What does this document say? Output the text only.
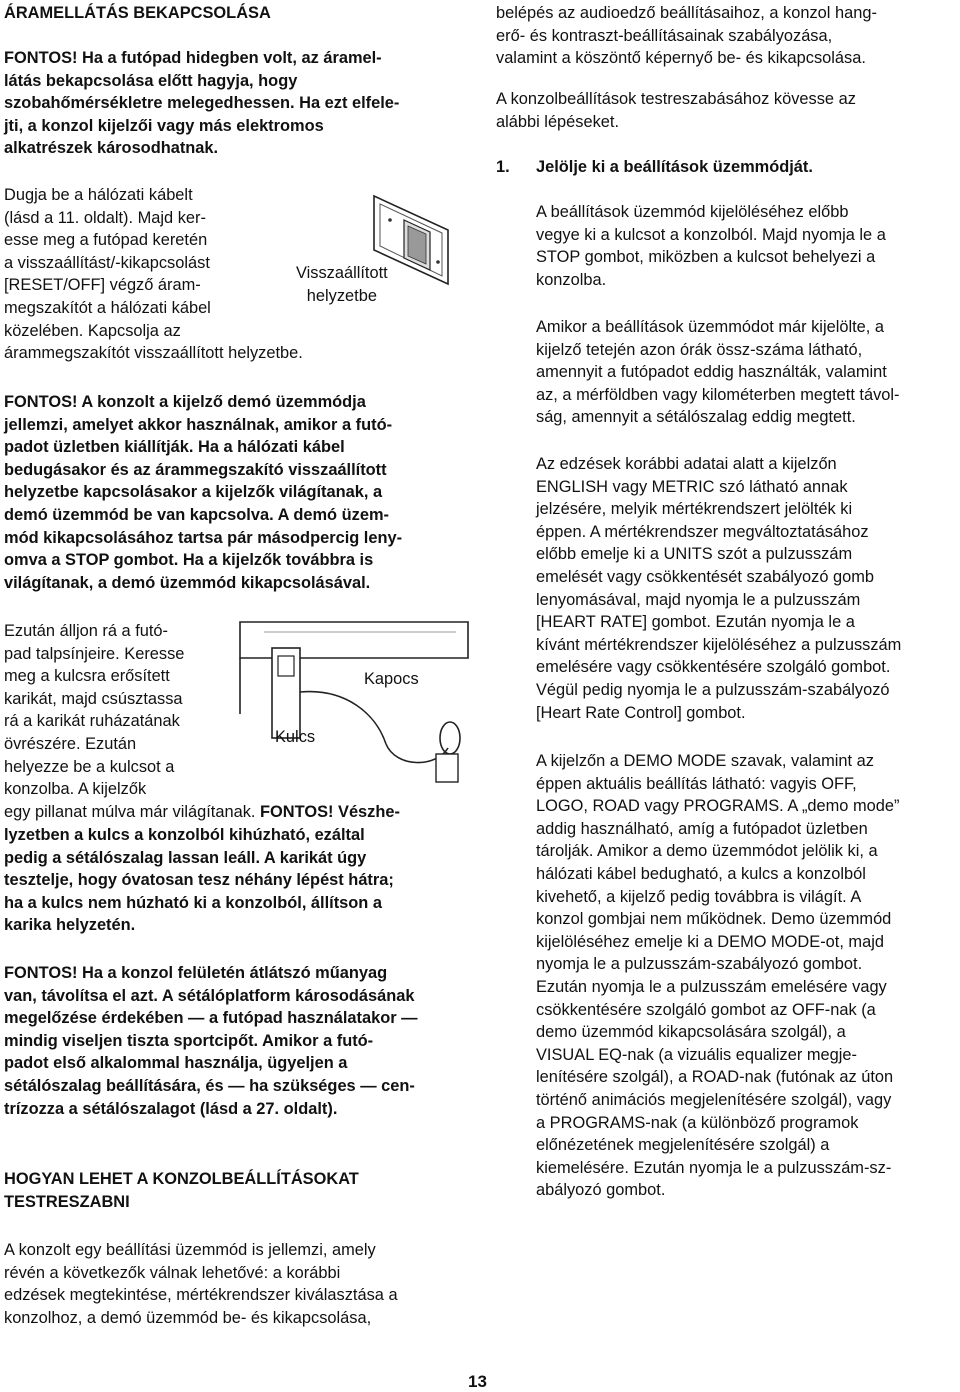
ÁRAMELLÁTÁS BEKAPCSOLÁSA

FONTOS! Ha a futópad hidegben volt, az áramel-
látás bekapcsolása előtt hagyja, hogy
szobahőmérsékletre melegedhessen. Ha ezt elfele-
jti, a konzol kijelzői vagy más elektromos
alkatrészek károsodhatnak.

Dugja be a hálózati kábelt
(lásd a 11. oldalt). Majd ker-
esse meg a futópad keretén
a visszaállítást/-kikapcsolást
[RESET/OFF] végző áram-
megszakítót a hálózati kábel
közelében. Kapcsolja az
árammegszakítót visszaállított helyzetbe.

FONTOS! A konzolt a kijelző demó üzemmódja
jellemzi, amelyet akkor használnak, amikor a futó-
padot üzletben kiállítják. Ha a hálózati kábel
bedugásakor és az árammegszakító visszaállított
helyzetbe kapcsolásakor a kijelzők világítanak, a
demó üzemmód be van kapcsolva. A demó üzem-
mód kikapcsolásához tartsa pár másodpercig leny-
omva a STOP gombot. Ha a kijelzők továbbra is
világítanak, a demó üzemmód kikapcsolásával.

Ezután álljon rá a futó-
pad talpsínjeire. Keresse
meg a kulcsra erősített
karikát, majd csúsztassa
rá a karikát ruházatának
övrészére. Ezután
helyezze be a kulcsot a
konzolba. A kijelzők

egy pillanat múlva már világítanak. FONTOS! Vészhe-

lyzetben a kulcs a konzolból kihúzható, ezáltal
pedig a sétálószalag lassan leáll. A karikát úgy
tesztelje, hogy óvatosan tesz néhány lépést hátra;
ha a kulcs nem húzható ki a konzolból, állítson a
karika helyzetén.

FONTOS! Ha a konzol felületén átlátszó műanyag
van, távolítsa el azt. A sétálóplatform károsodásának
megelőzése érdekében — a futópad használatakor —
mindig viseljen tiszta sportcipőt. Amikor a futó-
padot első alkalommal használja, ügyeljen a
sétálószalag beállítására, és — ha szükséges — cen-
trízozza a sétálószalagot (lásd a 27. oldalt).

HOGYAN LEHET A KONZOLBEÁLLÍTÁSOKAT
TESTRESZABNI

A konzolt egy beállítási üzemmód is jellemzi, amely
révén a következők válnak lehetővé: a korábbi
edzések megtekintése, mértékrendszer kiválasztása a
konzolhoz, a demó üzemmód be- és kikapcsolása,

Visszaállított
helyzetbe
Kapocs
Kulcs

belépés az audioedző beállításaihoz, a konzol hang-
erő- és kontraszt-beállításainak szabályozása,
valamint a köszöntő képernyő be- és kikapcsolása.

A konzolbeállítások testreszabásához kövesse az
alábbi lépéseket.

1. Jelölje ki a beállítások üzemmódját.

A beállítások üzemmód kijelöléséhez előbb
vegye ki a kulcsot a konzolból. Majd nyomja le a
STOP gombot, miközben a kulcsot behelyezi a
konzolba.

Amikor a beállítások üzemmódot már kijelölte, a
kijelző tetején azon órák össz-száma látható,
amennyit a futópadot eddig használták, valamint
az, a mérföldben vagy kilométerben megtett távol-
ság, amennyit a sétálószalag eddig megtett.

Az edzések korábbi adatai alatt a kijelzőn
ENGLISH vagy METRIC szó látható annak
jelzésére, melyik mértékrendszert jelölték ki
éppen. A mértékrendszer megváltoztatásához
előbb emelje ki a UNITS szót a pulzusszám
emelését vagy csökkentését szabályozó gomb
lenyomásával, majd nyomja le a pulzusszám
[HEART RATE] gombot. Ezután nyomja le a
kívánt mértékrendszer kijelöléséhez a pulzusszám
emelésére vagy csökkentésére szolgáló gombot.
Végül pedig nyomja le a pulzusszám-szabályozó
[Heart Rate Control] gombot.

A kijelzőn a DEMO MODE szavak, valamint az
éppen aktuális beállítás látható: vagyis OFF,
LOGO, ROAD vagy PROGRAMS. A „demo mode”
addig használható, amíg a futópadot üzletben
tárolják. Amikor a demo üzemmódot jelölik ki, a
hálózati kábel bedugható, a kulcs a konzolból
kivehető, a kijelző pedig továbbra is világít. A
konzol gombjai nem működnek. Demo üzemmód
kijelöléséhez emelje ki a DEMO MODE-ot, majd
nyomja le a pulzusszám-szabályozó gombot.
Ezután nyomja le a pulzusszám emelésére vagy
csökkentésére szolgáló gombot az OFF-nak (a
demo üzemmód kikapcsolására szolgál), a
VISUAL EQ-nak (a vizuális equalizer megje-
lenítésére szolgál), a ROAD-nak (futónak az úton
történő animációs megjelenítésére szolgál), vagy
a PROGRAMS-nak (a különböző programok
előnézetének megjelenítésére szolgál) a
kiemelésére. Ezután nyomja le a pulzusszám-sz-
abályozó gombot.

13
